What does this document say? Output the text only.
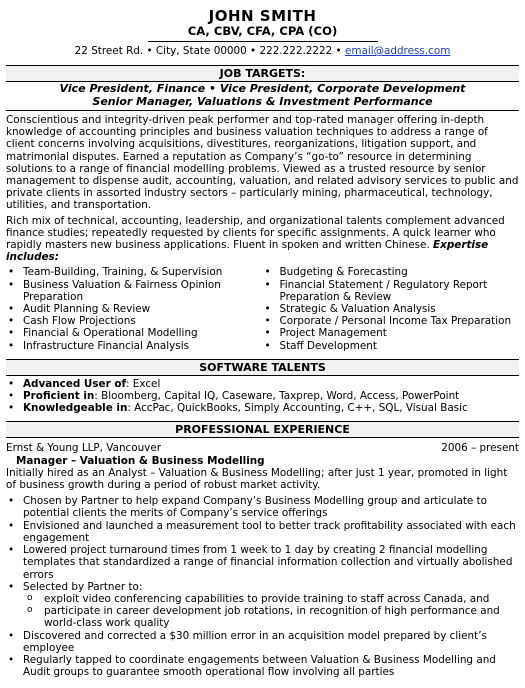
JOHN SMITH
CA, CBV, CFA, CPA (CO)
22 Street Rd. • City, State 00000 • 222.222.2222 • email@address.com
JOB TARGETS:
Vice President, Finance • Vice President, Corporate Development
Senior Manager, Valuations & Investment Performance

Conscientious and integrity-driven peak performer and top-rated manager offering in-depth knowledge of accounting principles and business valuation techniques to address a range of client concerns involving acquisitions, divestitures, reorganizations, litigation support, and matrimonial disputes. Earned a reputation as Company’s “go-to” resource in determining solutions to a range of financial modelling problems. Viewed as a trusted resource by senior management to dispense audit, accounting, valuation, and related advisory services to public and private clients in assorted industry sectors – particularly mining, pharmaceutical, technology, utilities, and transportation.

Rich mix of technical, accounting, leadership, and organizational talents complement advanced finance studies; repeatedly requested by clients for specific assignments. A quick learner who rapidly masters new business applications. Fluent in spoken and written Chinese. Expertise includes:

• Team-Building, Training, & Supervision
• Business Valuation & Fairness Opinion Preparation
• Audit Planning & Review
• Cash Flow Projections
• Financial & Operational Modelling
• Infrastructure Financial Analysis
• Budgeting & Forecasting
• Financial Statement / Regulatory Report Preparation & Review
• Strategic & Valuation Analysis
• Corporate / Personal Income Tax Preparation
• Project Management
• Staff Development
SOFTWARE TALENTS
• Advanced User of: Excel
• Proficient in: Bloomberg, Capital IQ, Caseware, Taxprep, Word, Access, PowerPoint
• Knowledgeable in: AccPac, QuickBooks, Simply Accounting, C++, SQL, Visual Basic
PROFESSIONAL EXPERIENCE
Ernst & Young LLP, Vancouver	2006 – present
Manager – Valuation & Business Modelling

Initially hired as an Analyst – Valuation & Business Modelling; after just 1 year, promoted in light of business growth during a period of robust market activity.

• Chosen by Partner to help expand Company’s Business Modelling group and articulate to potential clients the merits of Company’s service offerings
• Envisioned and launched a measurement tool to better track profitability associated with each engagement
• Lowered project turnaround times from 1 week to 1 day by creating 2 financial modelling templates that standardized a range of financial information collection and virtually abolished errors
• Selected by Partner to:
o exploit video conferencing capabilities to provide training to staff across Canada, and
o participate in career development job rotations, in recognition of high performance and world-class work quality
• Discovered and corrected a $30 million error in an acquisition model prepared by client’s employee
• Regularly tapped to coordinate engagements between Valuation & Business Modelling and Audit groups to guarantee smooth operational flow involving all parties
